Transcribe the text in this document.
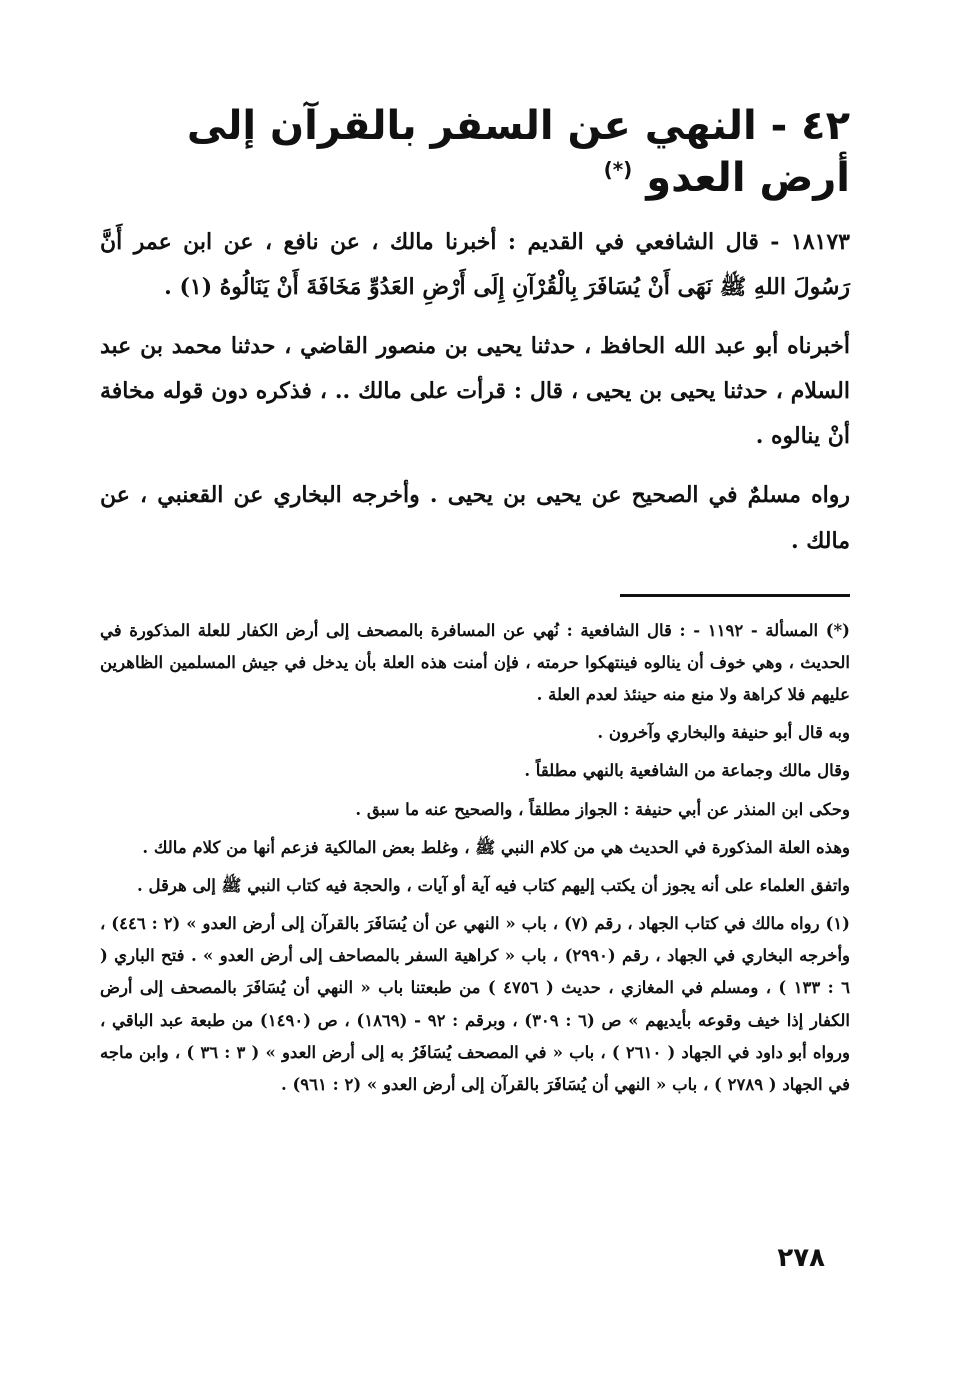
٤٢ - النهي عن السفر بالقرآن إلى أرض العدو (*)

١٨١٧٣ - قال الشافعي في القديم : أخبرنا مالك ، عن نافع ، عن ابن عمر أَنَّ رَسُولَ اللهِ ﷺ نَهَى أَنْ يُسَافَرَ بِالْقُرْآنِ إِلَى أَرْضِ العَدُوِّ مَخَافَةَ أَنْ يَنَالُوهُ (١) .

أخبرناه أبو عبد الله الحافظ ، حدثنا يحيى بن منصور القاضي ، حدثنا محمد بن عبد السلام ، حدثنا يحيى بن يحيى ، قال : قرأت على مالك .. ، فذكره دون قوله مخافة أنْ ينالوه .

رواه مسلمٌ في الصحيح عن يحيى بن يحيى . وأخرجه البخاري عن القعنبي ، عن مالك .

(*) المسألة - ١١٩٢ - : قال الشافعية : نُهي عن المسافرة بالمصحف إلى أرض الكفار للعلة المذكورة في الحديث ، وهي خوف أن ينالوه فينتهكوا حرمته ، فإن أمنت هذه العلة بأن يدخل في جيش المسلمين الظاهرين عليهم فلا كراهة ولا منع منه حينئذ لعدم العلة .

وبه قال أبو حنيفة والبخاري وآخرون .

وقال مالك وجماعة من الشافعية بالنهي مطلقاً .

وحكى ابن المنذر عن أبي حنيفة : الجواز مطلقاً ، والصحيح عنه ما سبق .

وهذه العلة المذكورة في الحديث هي من كلام النبي ﷺ ، وغلط بعض المالكية فزعم أنها من كلام مالك .

واتفق العلماء على أنه يجوز أن يكتب إليهم كتاب فيه آية أو آيات ، والحجة فيه كتاب النبي ﷺ إلى هرقل .

(١) رواه مالك في كتاب الجهاد ، رقم (٧) ، باب « النهي عن أن يُسَافَرَ بالقرآن إلى أرض العدو » (٢ : ٤٤٦) ، وأخرجه البخاري في الجهاد ، رقم (٢٩٩٠) ، باب « كراهية السفر بالمصاحف إلى أرض العدو » . فتح الباري ( ٦ : ١٣٣ ) ، ومسلم في المغازي ، حديث ( ٤٧٥٦ ) من طبعتنا باب « النهي أن يُسَافَرَ بالمصحف إلى أرض الكفار إذا خيف وقوعه بأيديهم » ص (٦ : ٣٠٩) ، وبرقم : ٩٢ - (١٨٦٩) ، ص (١٤٩٠) من طبعة عبد الباقي ، ورواه أبو داود في الجهاد ( ٢٦١٠ ) ، باب « في المصحف يُسَافَرُ به إلى أرض العدو » ( ٣ : ٣٦ ) ، وابن ماجه في الجهاد ( ٢٧٨٩ ) ، باب « النهي أن يُسَافَرَ بالقرآن إلى أرض العدو » (٢ : ٩٦١) .

٢٧٨
